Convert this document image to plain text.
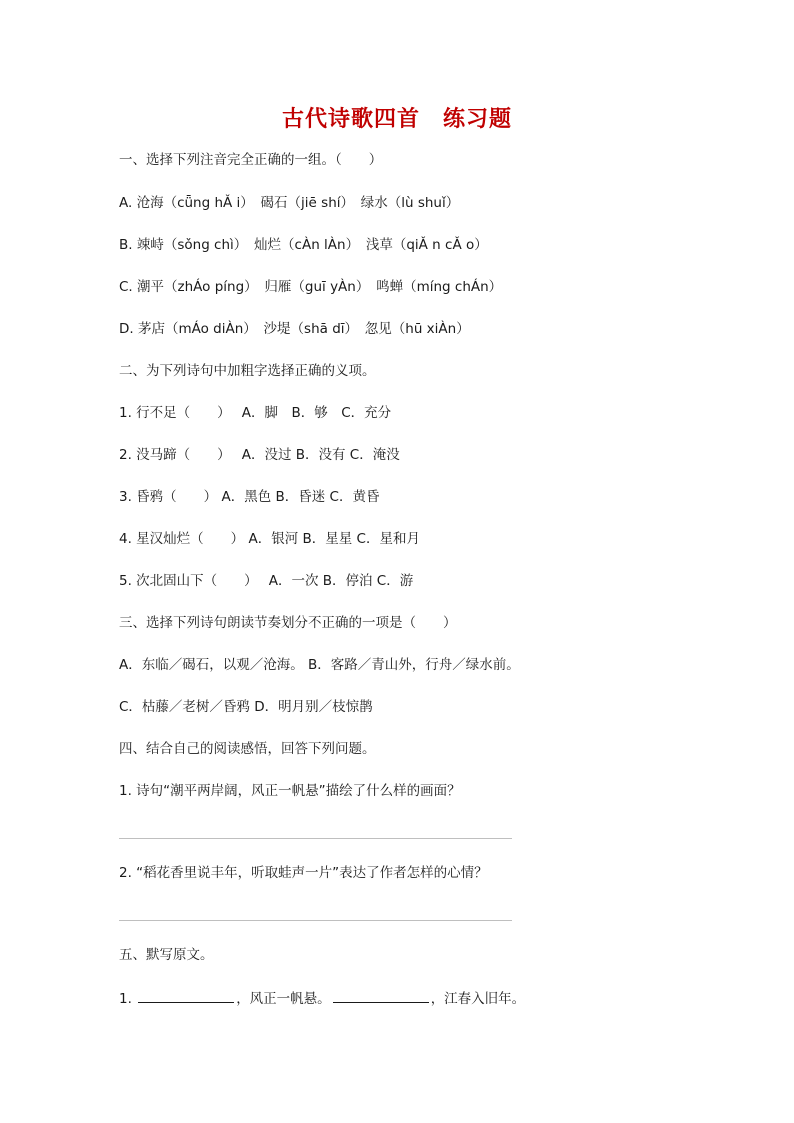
古代诗歌四首　练习题
一、选择下列注音完全正确的一组。（　　）
A. 沧海（cǖng hǍ i）　碣石（jiē shí）　绿水（lù shuǐ）
B. 竦峙（sǒng chì）　灿烂（cÀn lÀn）　浅草（qiǍ n cǍ o）
C. 潮平（zhÁo píng）　归雁（guī yÀn）　鸣蝉（míng chÁn）
D. 茅店（mÁo diÀn）　沙堤（shā dī）　忽见（hū xiÀn）
二、为下列诗句中加粗字选择正确的义项。
1. 行不足（　　）　 A．脚　B．够　C．充分
2. 没马蹄（　　）　 A．没过 B．没有 C．淹没
3. 昏鸦（　　） A．黑色 B．昏迷 C．黄昏
4. 星汉灿烂（　　） A．银河 B．星星 C．星和月
5. 次北固山下（　　）　 A．一次 B．停泊 C．游
三、选择下列诗句朗读节奏划分不正确的一项是（　　）
A．东临／碣石，以观／沧海。 B．客路／青山外，行舟／绿水前。
C．枯藤／老树／昏鸦 D．明月别／枝惊鹊
四、结合自己的阅读感悟，回答下列问题。
1. 诗句“潮平两岸阔，风正一帆悬”描绘了什么样的画面？
2. “稻花香里说丰年，听取蛙声一片”表达了作者怎样的心情？
五、默写原文。
1.	，风正一帆悬。	，江春入旧年。
